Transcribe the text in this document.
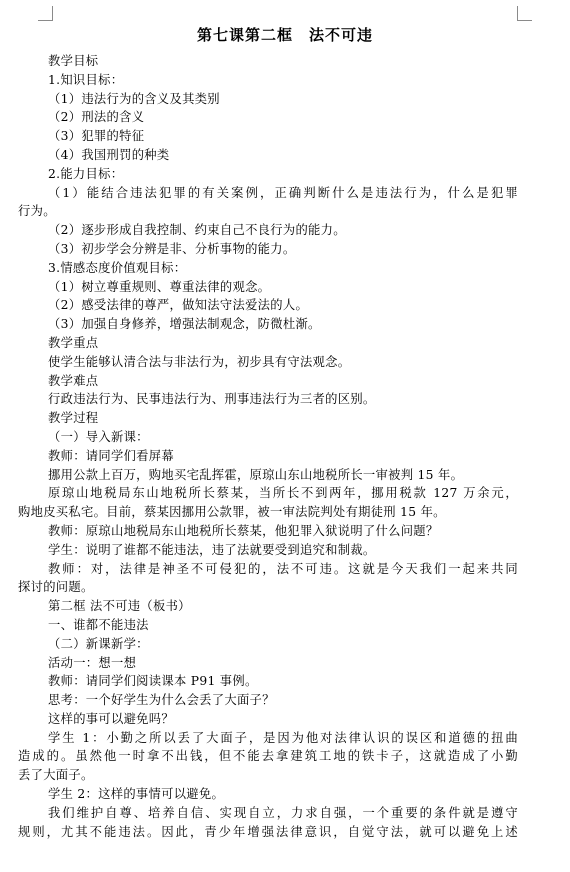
第七课第二框　法不可违
教学目标
1.知识目标：
（1）违法行为的含义及其类别
（2）刑法的含义
（3）犯罪的特征
（4）我国刑罚的种类
2.能力目标：
（1）能结合违法犯罪的有关案例，正确判断什么是违法行为，什么是犯罪
行为。
（2）逐步形成自我控制、约束自己不良行为的能力。
（3）初步学会分辨是非、分析事物的能力。
3.情感态度价值观目标：
（1）树立尊重规则、尊重法律的观念。
（2）感受法律的尊严，做知法守法爱法的人。
（3）加强自身修养，增强法制观念，防微杜渐。
教学重点
使学生能够认清合法与非法行为，初步具有守法观念。
教学难点
行政违法行为、民事违法行为、刑事违法行为三者的区别。
教学过程
（一）导入新课：
教师：请同学们看屏幕
挪用公款上百万，购地买宅乱挥霍，原琼山东山地税所长一审被判 15 年。
原琼山地税局东山地税所长蔡某，当所长不到两年，挪用税款 127 万余元，
购地皮买私宅。目前，蔡某因挪用公款罪，被一审法院判处有期徒刑 15 年。
教师：原琼山地税局东山地税所长蔡某，他犯罪入狱说明了什么问题？
学生：说明了谁都不能违法，违了法就要受到追究和制裁。
教师：对，法律是神圣不可侵犯的，法不可违。这就是今天我们一起来共同
探讨的问题。
第二框 法不可违（板书）
一、谁都不能违法
（二）新课新学：
活动一：想一想
教师：请同学们阅读课本 P91 事例。
思考：一个好学生为什么会丢了大面子？
这样的事可以避免吗？
学生 1：小勤之所以丢了大面子，是因为他对法律认识的误区和道德的扭曲
造成的。虽然他一时拿不出钱，但不能去拿建筑工地的铁卡子，这就造成了小勤
丢了大面子。
学生 2：这样的事情可以避免。
我们维护自尊、培养自信、实现自立，力求自强，一个重要的条件就是遵守
规则，尤其不能违法。因此，青少年增强法律意识，自觉守法，就可以避免上述
